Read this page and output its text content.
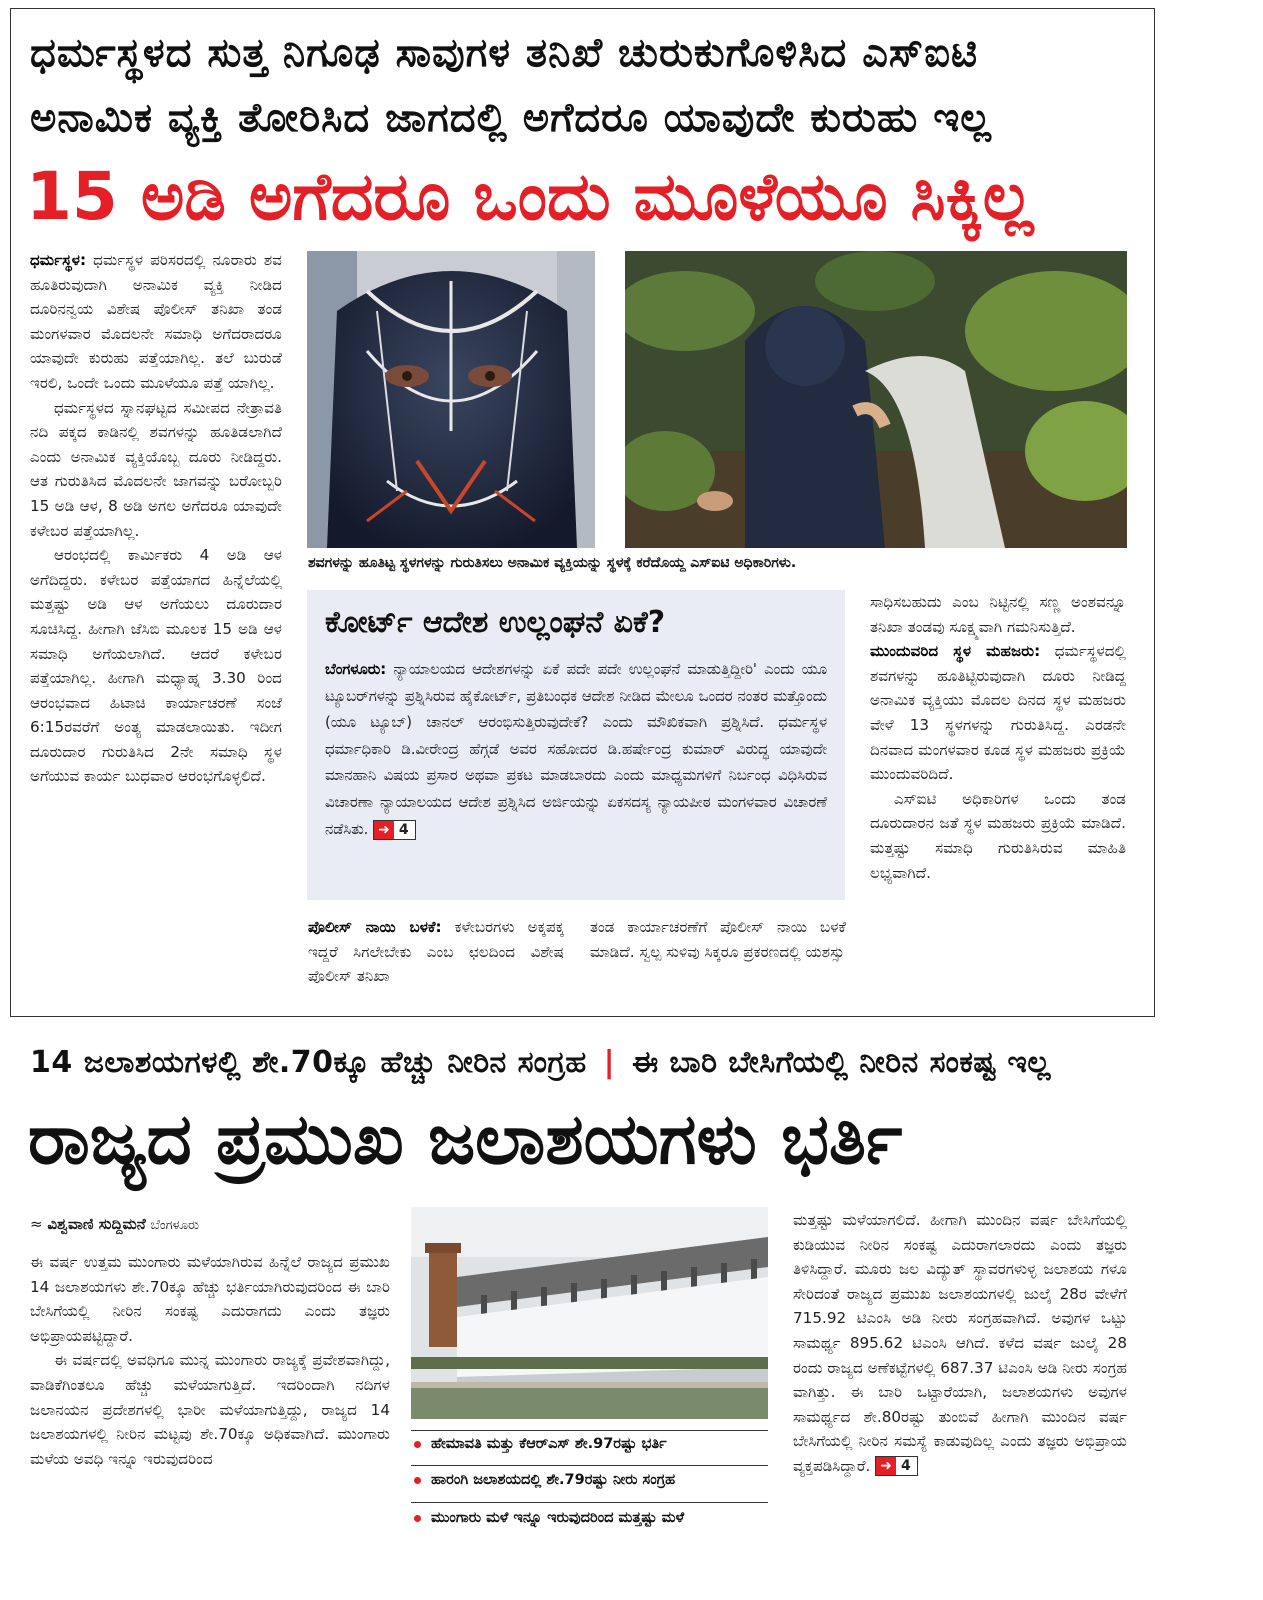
ಧರ್ಮಸ್ಥಳದ ಸುತ್ತ ನಿಗೂಢ ಸಾವುಗಳ ತನಿಖೆ ಚುರುಕುಗೊಳಿಸಿದ ಎಸ್‌ಐಟಿ
ಅನಾಮಿಕ ವ್ಯಕ್ತಿ ತೋರಿಸಿದ ಜಾಗದಲ್ಲಿ ಅಗೆದರೂ ಯಾವುದೇ ಕುರುಹು ಇಲ್ಲ
15 ಅಡಿ ಅಗೆದರೂ ಒಂದು ಮೂಳೆಯೂ ಸಿಕ್ಕಿಲ್ಲ

ಧರ್ಮಸ್ಥಳ: ಧರ್ಮಸ್ಥಳ ಪರಿಸರದಲ್ಲಿ ನೂರಾರು ಶವ ಹೂತಿರುವುದಾಗಿ ಅನಾಮಿಕ ವ್ಯಕ್ತಿ ನೀಡಿದ ದೂರಿನನ್ವಯ ವಿಶೇಷ ಪೊಲೀಸ್ ತನಿಖಾ ತಂಡ ಮಂಗಳವಾರ ಮೊದಲನೇ ಸಮಾಧಿ ಅಗೆದರಾದರೂ ಯಾವುದೇ ಕುರುಹು ಪತ್ತೆಯಾಗಿಲ್ಲ. ತಲೆ ಬುರುಡೆ ಇರಲಿ, ಒಂದೇ ಒಂದು ಮೂಳೆಯೂ ಪತ್ತೆ ಯಾಗಿಲ್ಲ.

ಧರ್ಮಸ್ಥಳದ ಸ್ನಾನಘಟ್ಟದ ಸಮೀಪದ ನೇತ್ರಾವತಿ ನದಿ ಪಕ್ಕದ ಕಾಡಿನಲ್ಲಿ ಶವಗಳನ್ನು ಹೂತಿಡಲಾಗಿದೆ ಎಂದು ಅನಾಮಿಕ ವ್ಯಕ್ತಿಯೊಬ್ಬ ದೂರು ನೀಡಿದ್ದರು. ಆತ ಗುರುತಿಸಿದ ಮೊದಲನೇ ಜಾಗವನ್ನು ಬರೋಬ್ಬರಿ 15 ಅಡಿ ಆಳ, 8 ಅಡಿ ಅಗಲ ಅಗೆದರೂ ಯಾವುದೇ ಕಳೇಬರ ಪತ್ತೆಯಾಗಿಲ್ಲ.

ಆರಂಭದಲ್ಲಿ ಕಾರ್ಮಿಕರು 4 ಅಡಿ ಆಳ ಅಗೆದಿದ್ದರು. ಕಳೇಬರ ಪತ್ತೆಯಾಗದ ಹಿನ್ನೆಲೆಯಲ್ಲಿ ಮತ್ತಷ್ಟು ಅಡಿ ಆಳ ಅಗೆಯಲು ದೂರುದಾರ ಸೂಚಿಸಿದ್ದ. ಹೀಗಾಗಿ ಜೆಸಿಬಿ ಮೂಲಕ 15 ಅಡಿ ಆಳ ಸಮಾಧಿ ಅಗೆಯಲಾಗಿದೆ. ಆದರೆ ಕಳೇಬರ ಪತ್ತೆಯಾಗಿಲ್ಲ. ಹೀಗಾಗಿ ಮಧ್ಯಾಹ್ನ 3.30 ರಿಂದ ಆರಂಭವಾದ ಹಿಟಾಚಿ ಕಾರ್ಯಾಚರಣೆ ಸಂಜೆ 6:15ರವರೆಗೆ ಅಂತ್ಯ ಮಾಡಲಾಯಿತು. ಇದೀಗ ದೂರುದಾರ ಗುರುತಿಸಿದ 2ನೇ ಸಮಾಧಿ ಸ್ಥಳ ಅಗೆಯುವ ಕಾರ್ಯ ಬುಧವಾರ ಆರಂಭಗೊಳ್ಳಲಿದೆ.

ಶವಗಳನ್ನು ಹೂತಿಟ್ಟ ಸ್ಥಳಗಳನ್ನು ಗುರುತಿಸಲು ಅನಾಮಿಕ ವ್ಯಕ್ತಿಯನ್ನು ಸ್ಥಳಕ್ಕೆ ಕರೆದೊಯ್ದ ಎಸ್‌ಐಟಿ ಅಧಿಕಾರಿಗಳು.
ಕೋರ್ಟ್ ಆದೇಶ ಉಲ್ಲಂಘನೆ ಏಕೆ?

ಬೆಂಗಳೂರು: ನ್ಯಾಯಾಲಯದ ಆದೇಶಗಳನ್ನು ಏಕೆ ಪದೇ ಪದೇ ಉಲ್ಲಂಘನೆ ಮಾಡುತ್ತಿದ್ದೀರಿ' ಎಂದು ಯೂ ಟ್ಯೂಬರ್‌ಗಳನ್ನು ಪ್ರಶ್ನಿಸಿರುವ ಹೈಕೋರ್ಟ್, ಪ್ರತಿಬಂಧಕ ಆದೇಶ ನೀಡಿದ ಮೇಲೂ ಒಂದರ ನಂತರ ಮತ್ತೊಂದು (ಯೂ ಟ್ಯೂಬ್) ಚಾನಲ್ ಆರಂಭಿಸುತ್ತಿರುವುದೇಕೆ? ಎಂದು ಮೌಖಿಕವಾಗಿ ಪ್ರಶ್ನಿಸಿದೆ. ಧರ್ಮಸ್ಥಳ ಧರ್ಮಾಧಿಕಾರಿ ಡಿ.ವೀರೇಂದ್ರ ಹೆಗ್ಗಡೆ ಅವರ ಸಹೋದರ ಡಿ.ಹರ್ಷೇಂದ್ರ ಕುಮಾರ್ ವಿರುದ್ಧ ಯಾವುದೇ ಮಾನಹಾನಿ ವಿಷಯ ಪ್ರಸಾರ ಅಥವಾ ಪ್ರಕಟ ಮಾಡಬಾರದು ಎಂದು ಮಾಧ್ಯಮಗಳಿಗೆ ನಿರ್ಬಂಧ ವಿಧಿಸಿರುವ ವಿಚಾರಣಾ ನ್ಯಾಯಾಲಯದ ಆದೇಶ ಪ್ರಶ್ನಿಸಿದ ಅರ್ಜಿಯನ್ನು ಏಕಸದಸ್ಯ ನ್ಯಾಯಪೀಠ ಮಂಗಳವಾರ ವಿಚಾರಣೆ ನಡೆಸಿತು. ➜ 4

ಪೊಲೀಸ್ ನಾಯಿ ಬಳಕೆ: ಕಳೇಬರಗಳು ಅಕ್ಕಪಕ್ಕ ಇದ್ದರೆ ಸಿಗಲೇಬೇಕು ಎಂಬ ಛಲದಿಂದ ವಿಶೇಷ ಪೊಲೀಸ್ ತನಿಖಾ

ತಂಡ ಕಾರ್ಯಾಚರಣೆಗೆ ಪೊಲೀಸ್ ನಾಯಿ ಬಳಕೆ ಮಾಡಿದೆ. ಸ್ವಲ್ಪ ಸುಳಿವು ಸಿಕ್ಕರೂ ಪ್ರಕರಣದಲ್ಲಿ ಯಶಸ್ಸು

ಸಾಧಿಸಬಹುದು ಎಂಬ ನಿಟ್ಟಿನಲ್ಲಿ ಸಣ್ಣ ಅಂಶವನ್ನೂ ತನಿಖಾ ತಂಡವು ಸೂಕ್ಷ್ಮವಾಗಿ ಗಮನಿಸುತ್ತಿದೆ.

ಮುಂದುವರಿದ ಸ್ಥಳ ಮಹಜರು: ಧರ್ಮಸ್ಥಳದಲ್ಲಿ ಶವಗಳನ್ನು ಹೂತಿಟ್ಟಿರುವುದಾಗಿ ದೂರು ನೀಡಿದ್ದ ಅನಾಮಿಕ ವ್ಯಕ್ತಿಯು ಮೊದಲ ದಿನದ ಸ್ಥಳ ಮಹಜರು ವೇಳೆ 13 ಸ್ಥಳಗಳನ್ನು ಗುರುತಿಸಿದ್ದ. ಎರಡನೇ ದಿನವಾದ ಮಂಗಳವಾರ ಕೂಡ ಸ್ಥಳ ಮಹಜರು ಪ್ರಕ್ರಿಯೆ ಮುಂದುವರಿದಿದೆ.

ಎಸ್‌ಐಟಿ ಅಧಿಕಾರಿಗಳ ಒಂದು ತಂಡ ದೂರುದಾರನ ಜತೆ ಸ್ಥಳ ಮಹಜರು ಪ್ರಕ್ರಿಯೆ ಮಾಡಿದೆ. ಮತ್ತಷ್ಟು ಸಮಾಧಿ ಗುರುತಿಸಿರುವ ಮಾಹಿತಿ ಲಭ್ಯವಾಗಿದೆ.

14 ಜಲಾಶಯಗಳಲ್ಲಿ ಶೇ.70ಕ್ಕೂ ಹೆಚ್ಚು ನೀರಿನ ಸಂಗ್ರಹ | ಈ ಬಾರಿ ಬೇಸಿಗೆಯಲ್ಲಿ ನೀರಿನ ಸಂಕಷ್ಟ ಇಲ್ಲ
ರಾಜ್ಯದ ಪ್ರಮುಖ ಜಲಾಶಯಗಳು ಭರ್ತಿ
≈ ವಿಶ್ವವಾಣಿ ಸುದ್ದಿಮನೆ ಬೆಂಗಳೂರು

ಈ ವರ್ಷ ಉತ್ತಮ ಮುಂಗಾರು ಮಳೆಯಾಗಿರುವ ಹಿನ್ನೆಲೆ ರಾಜ್ಯದ ಪ್ರಮುಖ 14 ಜಲಾಶಯಗಳು ಶೇ.70ಕ್ಕೂ ಹೆಚ್ಚು ಭರ್ತಿಯಾಗಿರುವುದರಿಂದ ಈ ಬಾರಿ ಬೇಸಿಗೆಯಲ್ಲಿ ನೀರಿನ ಸಂಕಷ್ಟ ಎದುರಾಗದು ಎಂದು ತಜ್ಞರು ಅಭಿಪ್ರಾಯಪಟ್ಟಿದ್ದಾರೆ.

ಈ ವರ್ಷದಲ್ಲಿ ಅವಧಿಗೂ ಮುನ್ನ ಮುಂಗಾರು ರಾಜ್ಯಕ್ಕೆ ಪ್ರವೇಶವಾಗಿದ್ದು, ವಾಡಿಕೆಗಿಂತಲೂ ಹೆಚ್ಚು ಮಳೆಯಾಗುತ್ತಿದೆ. ಇದರಿಂದಾಗಿ ನದಿಗಳ ಜಲಾನಯನ ಪ್ರದೇಶಗಳಲ್ಲಿ ಭಾರೀ ಮಳೆಯಾಗುತ್ತಿದ್ದು, ರಾಜ್ಯದ 14 ಜಲಾಶಯಗಳಲ್ಲಿ ನೀರಿನ ಮಟ್ಟವು ಶೇ.70ಕ್ಕೂ ಅಧಿಕವಾಗಿದೆ. ಮುಂಗಾರು ಮಳೆಯ ಅವಧಿ ಇನ್ನೂ ಇರುವುದರಿಂದ

ಹೇಮಾವತಿ ಮತ್ತು ಕೆಆರ್‌ಎಸ್ ಶೇ.97ರಷ್ಟು ಭರ್ತಿ
ಹಾರಂಗಿ ಜಲಾಶಯದಲ್ಲಿ ಶೇ.79ರಷ್ಟು ನೀರು ಸಂಗ್ರಹ
ಮುಂಗಾರು ಮಳೆ ಇನ್ನೂ ಇರುವುದರಿಂದ ಮತ್ತಷ್ಟು ಮಳೆ

ಮತ್ತಷ್ಟು ಮಳೆಯಾಗಲಿದೆ. ಹೀಗಾಗಿ ಮುಂದಿನ ವರ್ಷ ಬೇಸಿಗೆಯಲ್ಲಿ ಕುಡಿಯುವ ನೀರಿನ ಸಂಕಷ್ಟ ಎದುರಾಗಲಾರದು ಎಂದು ತಜ್ಞರು ತಿಳಿಸಿದ್ದಾರೆ. ಮೂರು ಜಲ ವಿದ್ಯುತ್ ಸ್ಥಾವರಗಳುಳ್ಳ ಜಲಾಶಯ ಗಳೂ ಸೇರಿದಂತೆ ರಾಜ್ಯದ ಪ್ರಮುಖ ಜಲಾಶಯಗಳಲ್ಲಿ ಜುಲೈ 28ರ ವೇಳೆಗೆ 715.92 ಟಿಎಂಸಿ ಅಡಿ ನೀರು ಸಂಗ್ರಹವಾಗಿದೆ. ಅವುಗಳ ಒಟ್ಟು ಸಾಮರ್ಥ್ಯ 895.62 ಟಿಎಂಸಿ ಆಗಿದೆ. ಕಳೆದ ವರ್ಷ ಜುಲೈ 28 ರಂದು ರಾಜ್ಯದ ಅಣೆಕಟ್ಟೆಗಳಲ್ಲಿ 687.37 ಟಿಎಂಸಿ ಅಡಿ ನೀರು ಸಂಗ್ರಹ ವಾಗಿತ್ತು. ಈ ಬಾರಿ ಒಟ್ಟಾರೆಯಾಗಿ, ಜಲಾಶಯಗಳು ಅವುಗಳ ಸಾಮರ್ಥ್ಯದ ಶೇ.80ರಷ್ಟು ತುಂಬಿವೆ ಹೀಗಾಗಿ ಮುಂದಿನ ವರ್ಷ ಬೇಸಿಗೆಯಲ್ಲಿ ನೀರಿನ ಸಮಸ್ಯೆ ಕಾಡುವುದಿಲ್ಲ ಎಂದು ತಜ್ಞರು ಅಭಿಪ್ರಾಯ ವ್ಯಕ್ತಪಡಿಸಿದ್ದಾರೆ. ➜ 4
